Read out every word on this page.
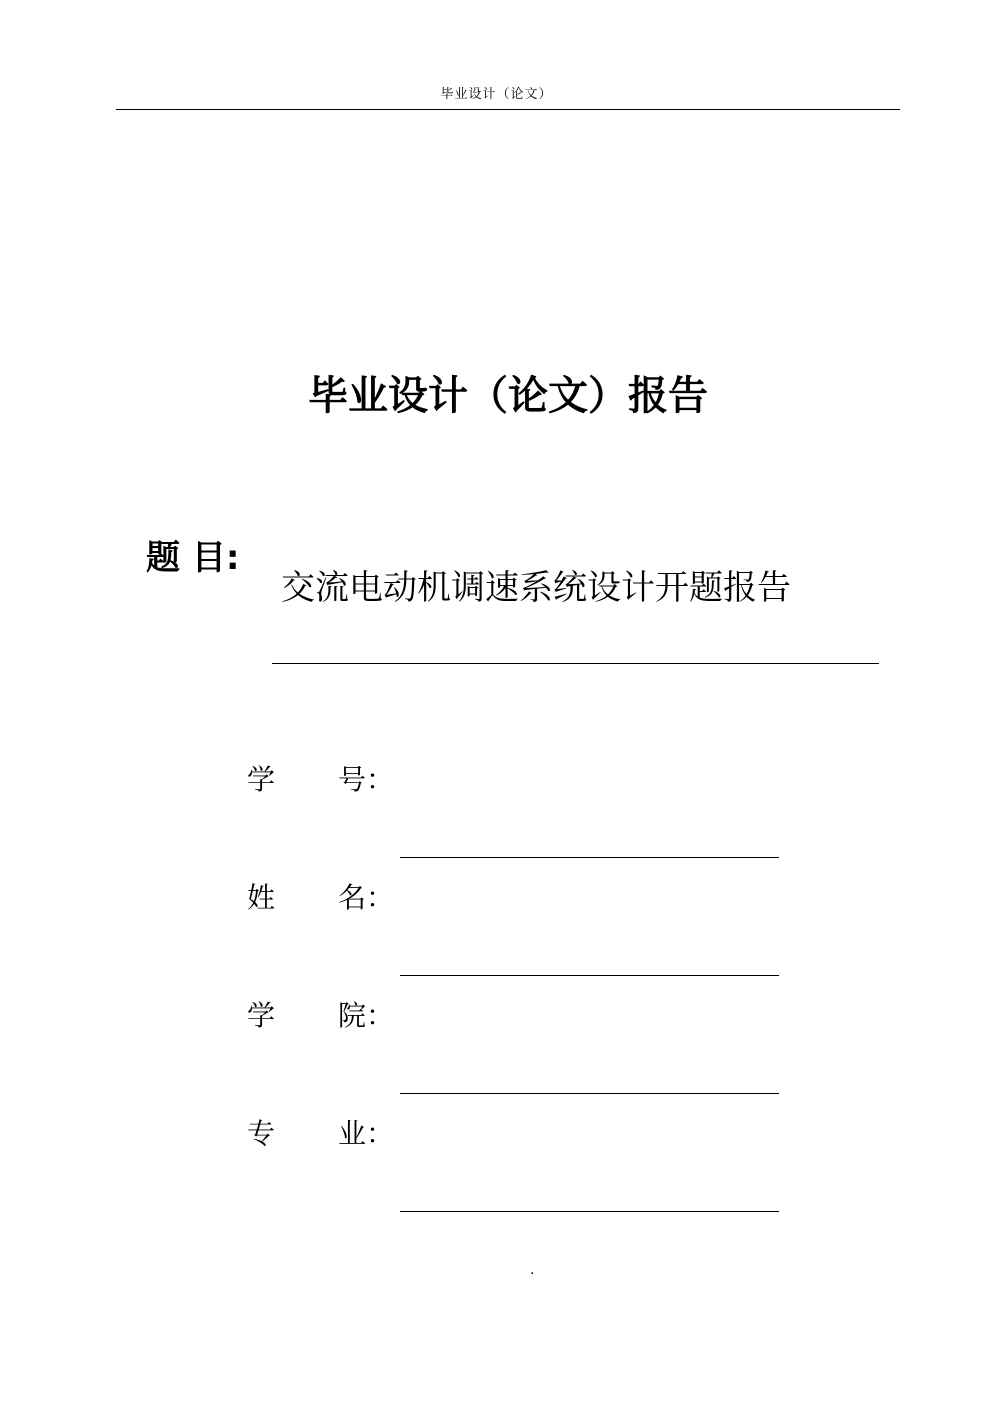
毕业设计（论文）
毕业设计（论文）报告
题 目:
交流电动机调速系统设计开题报告
学 号：
姓 名：
学 院：
专 业：
.
